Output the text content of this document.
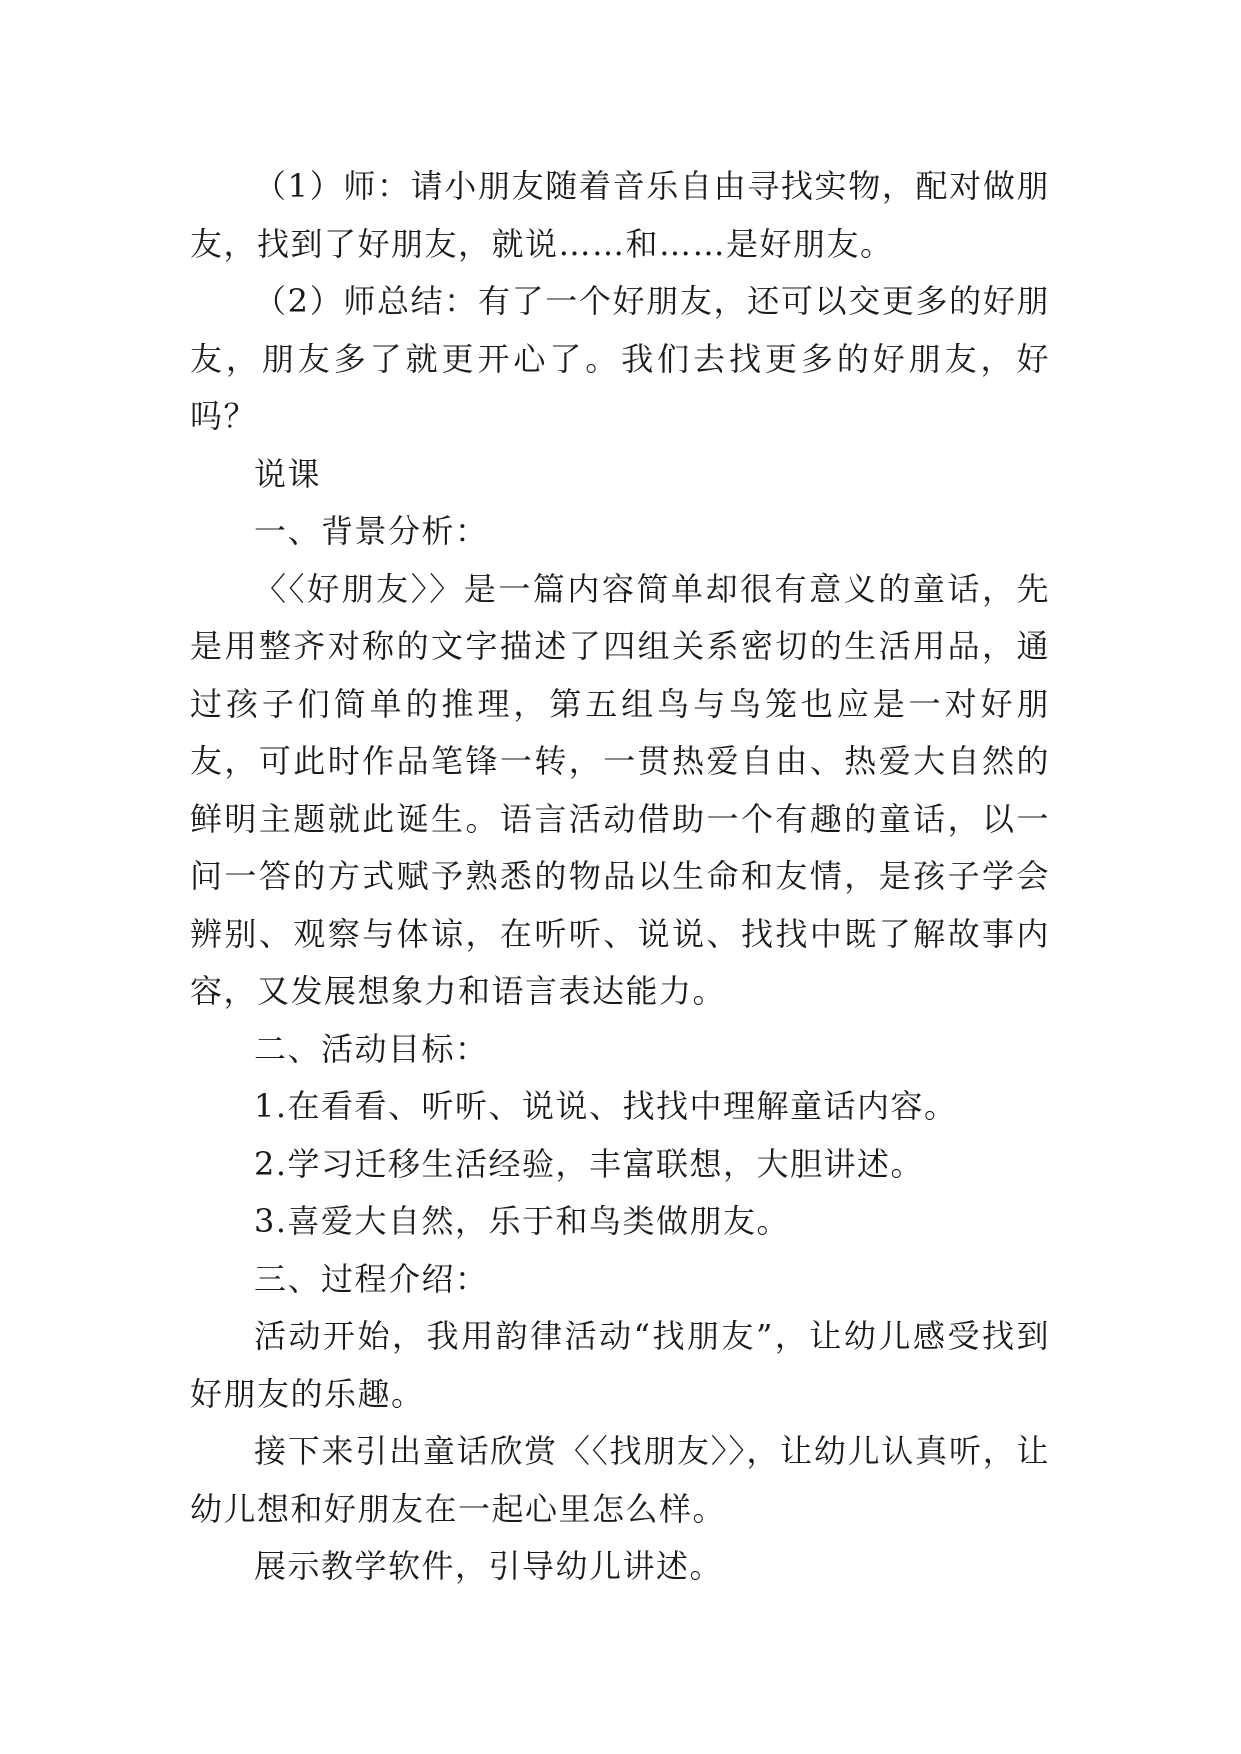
（1）师：请小朋友随着音乐自由寻找实物，配对做朋友，找到了好朋友，就说……和……是好朋友。

（2）师总结：有了一个好朋友，还可以交更多的好朋友，朋友多了就更开心了。我们去找更多的好朋友，好吗？

说课

一、背景分析：

〈〈好朋友〉〉是一篇内容简单却很有意义的童话，先是用整齐对称的文字描述了四组关系密切的生活用品，通过孩子们简单的推理，第五组鸟与鸟笼也应是一对好朋友，可此时作品笔锋一转，一贯热爱自由、热爱大自然的鲜明主题就此诞生。语言活动借助一个有趣的童话，以一问一答的方式赋予熟悉的物品以生命和友情，是孩子学会辨别、观察与体谅，在听听、说说、找找中既了解故事内容，又发展想象力和语言表达能力。

二、活动目标：

1.在看看、听听、说说、找找中理解童话内容。

2.学习迁移生活经验，丰富联想，大胆讲述。

3.喜爱大自然，乐于和鸟类做朋友。

三、过程介绍：

活动开始，我用韵律活动“找朋友”，让幼儿感受找到好朋友的乐趣。

接下来引出童话欣赏〈〈找朋友〉〉，让幼儿认真听，让幼儿想和好朋友在一起心里怎么样。

展示教学软件，引导幼儿讲述。
